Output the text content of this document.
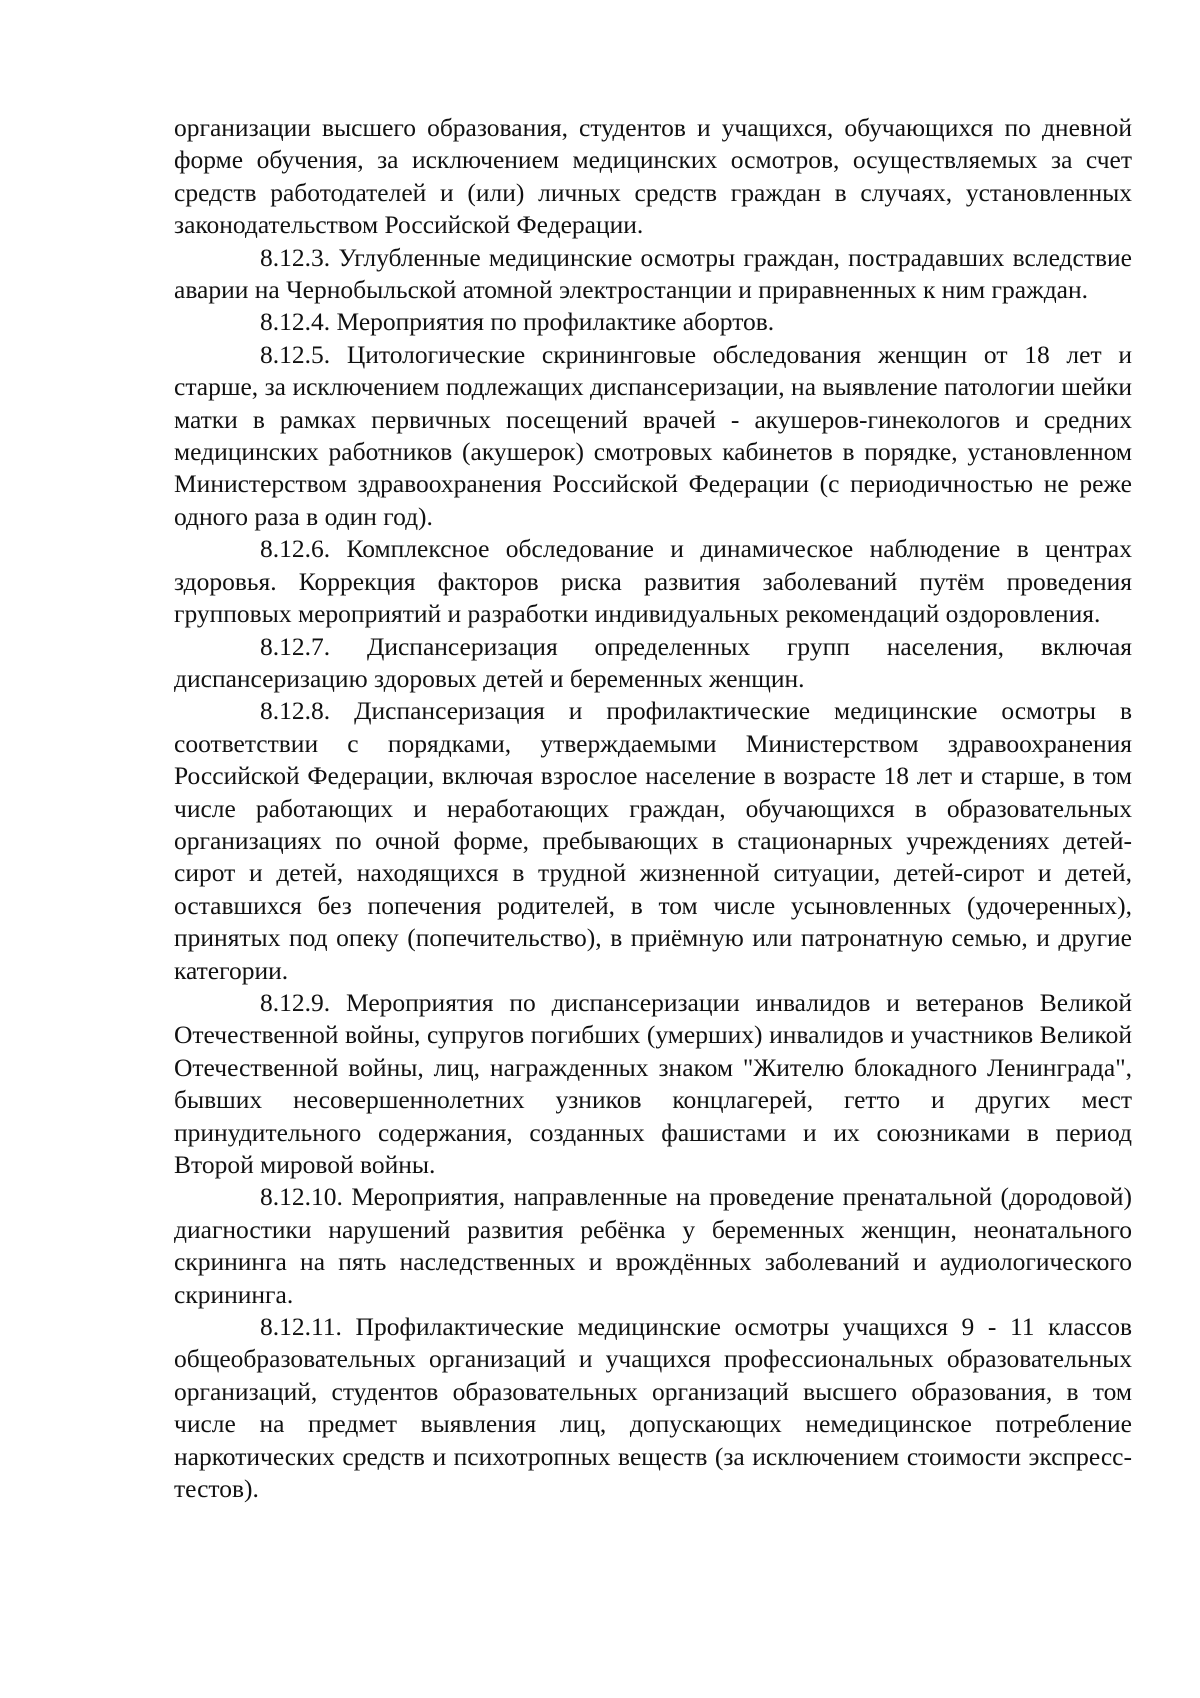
организации высшего образования, студентов и учащихся, обучающихся по дневной форме обучения, за исключением медицинских осмотров, осуществляемых за счет средств работодателей и (или) личных средств граждан в случаях, установленных законодательством Российской Федерации.

8.12.3. Углубленные медицинские осмотры граждан, пострадавших вследствие аварии на Чернобыльской атомной электростанции и приравненных к ним граждан.

8.12.4. Мероприятия по профилактике абортов.

8.12.5. Цитологические скрининговые обследования женщин от 18 лет и старше, за исключением подлежащих диспансеризации, на выявление патологии шейки матки в рамках первичных посещений врачей - акушеров-гинекологов и средних медицинских работников (акушерок) смотровых кабинетов в порядке, установленном Министерством здравоохранения Российской Федерации (с периодичностью не реже одного раза в один год).

8.12.6. Комплексное обследование и динамическое наблюдение в центрах здоровья. Коррекция факторов риска развития заболеваний путём проведения групповых мероприятий и разработки индивидуальных рекомендаций оздоровления.

8.12.7. Диспансеризация определенных групп населения, включая диспансеризацию здоровых детей и беременных женщин.

8.12.8. Диспансеризация и профилактические медицинские осмотры в соответствии с порядками, утверждаемыми Министерством здравоохранения Российской Федерации, включая взрослое население в возрасте 18 лет и старше, в том числе работающих и неработающих граждан, обучающихся в образовательных организациях по очной форме, пребывающих в стационарных учреждениях детей-сирот и детей, находящихся в трудной жизненной ситуации, детей-сирот и детей, оставшихся без попечения родителей, в том числе усыновленных (удочеренных), принятых под опеку (попечительство), в приёмную или патронатную семью, и другие категории.

8.12.9. Мероприятия по диспансеризации инвалидов и ветеранов Великой Отечественной войны, супругов погибших (умерших) инвалидов и участников Великой Отечественной войны, лиц, награжденных знаком "Жителю блокадного Ленинграда", бывших несовершеннолетних узников концлагерей, гетто и других мест принудительного содержания, созданных фашистами и их союзниками в период Второй мировой войны.

8.12.10. Мероприятия, направленные на проведение пренатальной (дородовой) диагностики нарушений развития ребёнка у беременных женщин, неонатального скрининга на пять наследственных и врождённых заболеваний и аудиологического скрининга.

8.12.11. Профилактические медицинские осмотры учащихся 9 - 11 классов общеобразовательных организаций и учащихся профессиональных образовательных организаций, студентов образовательных организаций высшего образования, в том числе на предмет выявления лиц, допускающих немедицинское потребление наркотических средств и психотропных веществ (за исключением стоимости экспресс-тестов).
